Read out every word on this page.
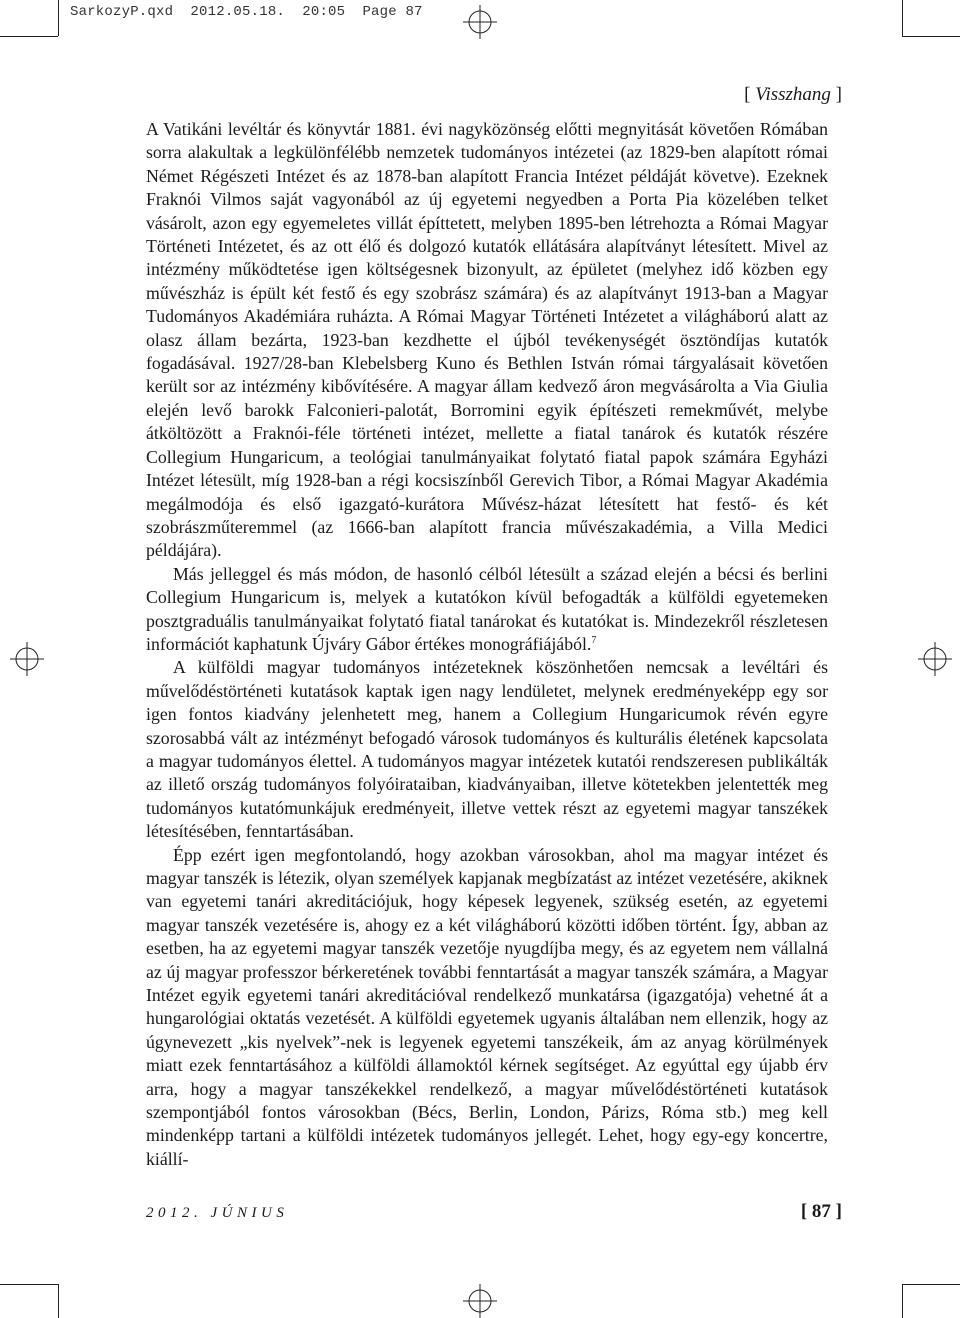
SarkozyP.qxd  2012.05.18.  20:05  Page 87
[ Visszhang ]

A Vatikáni levéltár és könyvtár 1881. évi nagyközönség előtti megnyitását követően Rómában sorra alakultak a legkülönfélébb nemzetek tudományos intézetei (az 1829-ben alapított római Német Régészeti Intézet és az 1878-ban alapított Francia Intézet példáját követve). Ezeknek Fraknói Vilmos saját vagyonából az új egyetemi negyedben a Porta Pia közelében telket vásárolt, azon egy egyemeletes villát építtetett, melyben 1895-ben létrehozta a Római Magyar Történeti Intézetet, és az ott élő és dolgozó kutatók ellátására alapítványt létesített. Mivel az intézmény működtetése igen költségesnek bizonyult, az épületet (melyhez idő közben egy művészház is épült két festő és egy szobrász számára) és az alapítványt 1913-ban a Magyar Tudományos Akadémiára ruházta. A Római Magyar Történeti Intézetet a világháború alatt az olasz állam bezárta, 1923-ban kezdhette el újból tevékenységét ösztöndíjas kutatók fogadásával. 1927/28-ban Klebelsberg Kuno és Bethlen István római tárgyalásait követően került sor az intézmény kibővítésére. A magyar állam kedvező áron megvásárolta a Via Giulia elején levő barokk Falconieri-palotát, Borromini egyik építészeti remekművét, melybe átköltözött a Fraknói-féle történeti intézet, mellette a fiatal tanárok és kutatók részére Collegium Hungaricum, a teológiai tanulmányaikat folytató fiatal papok számára Egyházi Intézet létesült, míg 1928-ban a régi kocsiszínből Gerevich Tibor, a Római Magyar Akadémia megálmodója és első igazgató-kurátora Művész-házat létesített hat festő- és két szobrászműteremmel (az 1666-ban alapított francia művészakadémia, a Villa Medici példájára).

Más jelleggel és más módon, de hasonló célból létesült a század elején a bécsi és berlini Collegium Hungaricum is, melyek a kutatókon kívül befogadták a külföldi egyetemeken posztgraduális tanulmányaikat folytató fiatal tanárokat és kutatókat is. Mindezekről részletesen információt kaphatunk Újváry Gábor értékes monográfiájából.$^7$

A külföldi magyar tudományos intézeteknek köszönhetően nemcsak a levéltári és művelődéstörténeti kutatások kaptak igen nagy lendületet, melynek eredményeképp egy sor igen fontos kiadvány jelenhetett meg, hanem a Collegium Hungaricumok révén egyre szorosabbá vált az intézményt befogadó városok tudományos és kulturális életének kapcsolata a magyar tudományos élettel. A tudományos magyar intézetek kutatói rendszeresen publikálták az illető ország tudományos folyóirataiban, kiadványaiban, illetve kötetekben jelentették meg tudományos kutatómunkájuk eredményeit, illetve vettek részt az egyetemi magyar tanszékek létesítésében, fenntartásában.

Épp ezért igen megfontolandó, hogy azokban városokban, ahol ma magyar intézet és magyar tanszék is létezik, olyan személyek kapjanak megbízatást az intézet vezetésére, akiknek van egyetemi tanári akreditációjuk, hogy képesek legyenek, szükség esetén, az egyetemi magyar tanszék vezetésére is, ahogy ez a két világháború közötti időben történt. Így, abban az esetben, ha az egyetemi magyar tanszék vezetője nyugdíjba megy, és az egyetem nem vállalná az új magyar professzor bérkeretének további fenntartását a magyar tanszék számára, a Magyar Intézet egyik egyetemi tanári akreditációval rendelkező munkatársa (igazgatója) vehetné át a hungarológiai oktatás vezetését. A külföldi egyetemek ugyanis általában nem ellenzik, hogy az úgynevezett „kis nyelvek”-nek is legyenek egyetemi tanszékeik, ám az anyag körülmények miatt ezek fenntartásához a külföldi államoktól kérnek segítséget. Az egyúttal egy újabb érv arra, hogy a magyar tanszékekkel rendelkező, a magyar művelődéstörténeti kutatások szempontjából fontos városokban (Bécs, Berlin, London, Párizs, Róma stb.) meg kell mindenképp tartani a külföldi intézetek tudományos jellegét. Lehet, hogy egy-egy koncertre, kiállí-

2012. JÚNIUS	[ 87 ]
